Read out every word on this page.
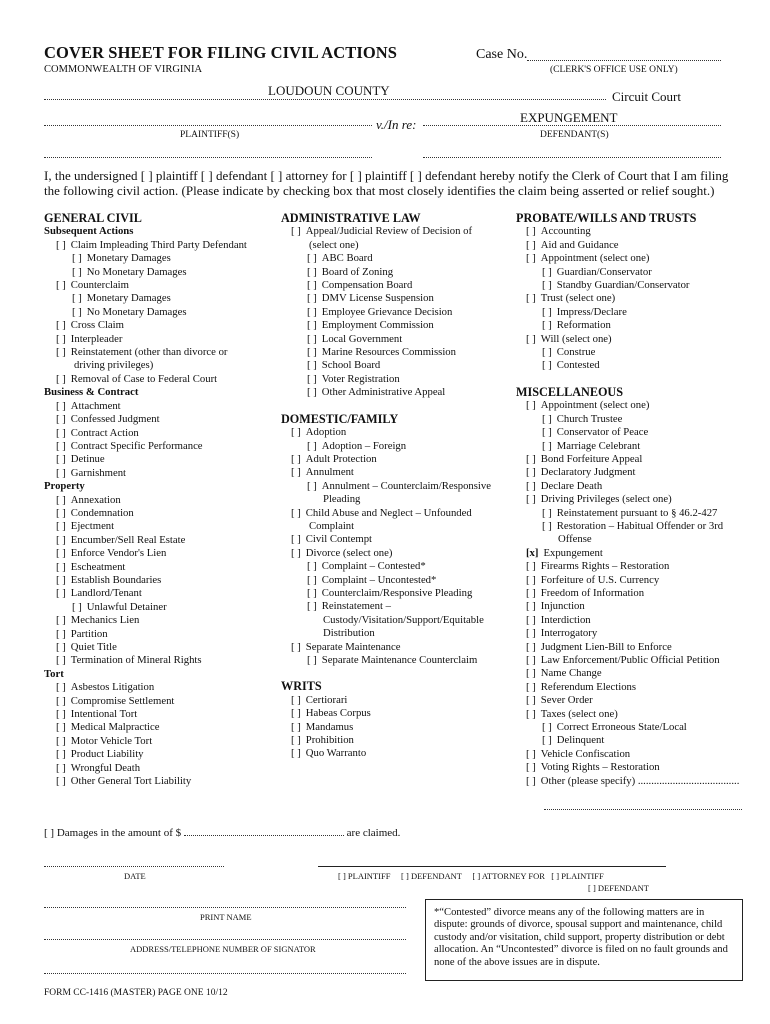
COVER SHEET FOR FILING CIVIL ACTIONS
COMMONWEALTH OF VIRGINIA
Case No.
(CLERK'S OFFICE USE ONLY)
LOUDOUN COUNTY	Circuit Court
v./In re:	EXPUNGEMENT
PLAINTIFF(S)	DEFENDANT(S)
I, the undersigned [ ] plaintiff [ ] defendant [ ] attorney for [ ] plaintiff [ ] defendant hereby notify the Clerk of Court that I am filing the following civil action. (Please indicate by checking box that most closely identifies the claim being asserted or relief sought.)
GENERAL CIVIL
Subsequent Actions
[ ] Claim Impleading Third Party Defendant
[ ] Monetary Damages
[ ] No Monetary Damages
[ ] Counterclaim
[ ] Monetary Damages
[ ] No Monetary Damages
[ ] Cross Claim
[ ] Interpleader
[ ] Reinstatement (other than divorce or
driving privileges)
[ ] Removal of Case to Federal Court
Business & Contract
[ ] Attachment
[ ] Confessed Judgment
[ ] Contract Action
[ ] Contract Specific Performance
[ ] Detinue
[ ] Garnishment
Property
[ ] Annexation
[ ] Condemnation
[ ] Ejectment
[ ] Encumber/Sell Real Estate
[ ] Enforce Vendor's Lien
[ ] Escheatment
[ ] Establish Boundaries
[ ] Landlord/Tenant
[ ] Unlawful Detainer
[ ] Mechanics Lien
[ ] Partition
[ ] Quiet Title
[ ] Termination of Mineral Rights
Tort
[ ] Asbestos Litigation
[ ] Compromise Settlement
[ ] Intentional Tort
[ ] Medical Malpractice
[ ] Motor Vehicle Tort
[ ] Product Liability
[ ] Wrongful Death
[ ] Other General Tort Liability
ADMINISTRATIVE LAW
[ ] Appeal/Judicial Review of Decision of
(select one)
[ ] ABC Board
[ ] Board of Zoning
[ ] Compensation Board
[ ] DMV License Suspension
[ ] Employee Grievance Decision
[ ] Employment Commission
[ ] Local Government
[ ] Marine Resources Commission
[ ] School Board
[ ] Voter Registration
[ ] Other Administrative Appeal
DOMESTIC/FAMILY
[ ] Adoption
[ ] Adoption – Foreign
[ ] Adult Protection
[ ] Annulment
[ ] Annulment – Counterclaim/Responsive
Pleading
[ ] Child Abuse and Neglect – Unfounded
Complaint
[ ] Civil Contempt
[ ] Divorce (select one)
[ ] Complaint – Contested*
[ ] Complaint – Uncontested*
[ ] Counterclaim/Responsive Pleading
[ ] Reinstatement –
Custody/Visitation/Support/Equitable
Distribution
[ ] Separate Maintenance
[ ] Separate Maintenance Counterclaim
WRITS
[ ] Certiorari
[ ] Habeas Corpus
[ ] Mandamus
[ ] Prohibition
[ ] Quo Warranto
PROBATE/WILLS AND TRUSTS
[ ] Accounting
[ ] Aid and Guidance
[ ] Appointment (select one)
[ ] Guardian/Conservator
[ ] Standby Guardian/Conservator
[ ] Trust (select one)
[ ] Impress/Declare
[ ] Reformation
[ ] Will (select one)
[ ] Construe
[ ] Contested
MISCELLANEOUS
[ ] Appointment (select one)
[ ] Church Trustee
[ ] Conservator of Peace
[ ] Marriage Celebrant
[ ] Bond Forfeiture Appeal
[ ] Declaratory Judgment
[ ] Declare Death
[ ] Driving Privileges (select one)
[ ] Reinstatement pursuant to § 46.2-427
[ ] Restoration – Habitual Offender or 3rd
Offense
[x] Expungement
[ ] Firearms Rights – Restoration
[ ] Forfeiture of U.S. Currency
[ ] Freedom of Information
[ ] Injunction
[ ] Interdiction
[ ] Interrogatory
[ ] Judgment Lien-Bill to Enforce
[ ] Law Enforcement/Public Official Petition
[ ] Name Change
[ ] Referendum Elections
[ ] Sever Order
[ ] Taxes (select one)
[ ] Correct Erroneous State/Local
[ ] Delinquent
[ ] Vehicle Confiscation
[ ] Voting Rights – Restoration
[ ] Other (please specify) ......................................
[ ] Damages in the amount of $	are claimed.
DATE	[ ] PLAINTIFF     [ ] DEFENDANT     [ ] ATTORNEY FOR   [ ] PLAINTIFF
[ ] DEFENDANT
PRINT NAME
ADDRESS/TELEPHONE NUMBER OF SIGNATOR
*“Contested” divorce means any of the following matters are in dispute: grounds of divorce, spousal support and maintenance, child custody and/or visitation, child support, property distribution or debt allocation. An “Uncontested” divorce is filed on no fault grounds and none of the above issues are in dispute.
FORM CC-1416 (MASTER) PAGE ONE 10/12
